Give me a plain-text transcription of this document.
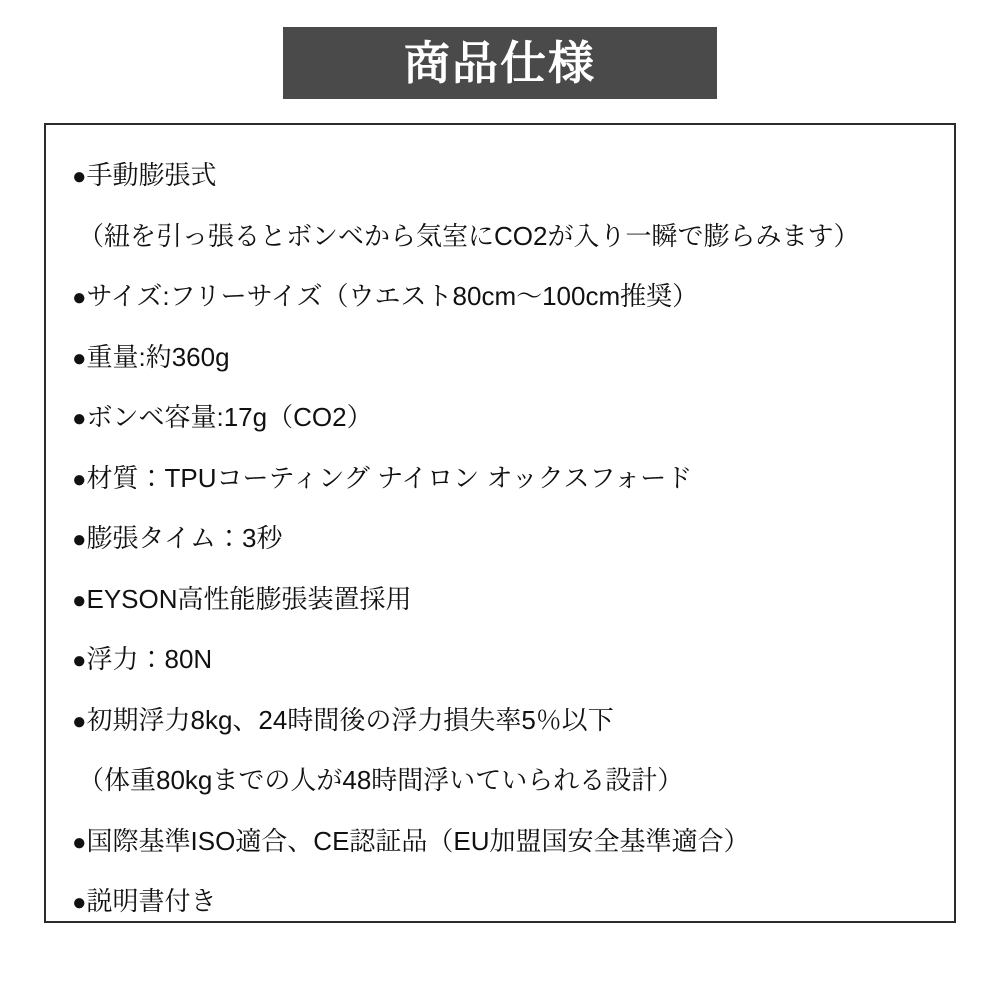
商品仕様
●手動膨張式
（紐を引っ張るとボンベから気室にCO2が入り一瞬で膨らみます）
●サイズ:フリーサイズ（ウエスト80cm〜100cm推奨）
●重量:約360g
●ボンベ容量:17g（CO2）
●材質：TPUコーティング ナイロン オックスフォード
●膨張タイム：3秒
●EYSON高性能膨張装置採用
●浮力：80N
●初期浮力8kg、24時間後の浮力損失率5％以下
（体重80kgまでの人が48時間浮いていられる設計）
●国際基準ISO適合、CE認証品（EU加盟国安全基準適合）
●説明書付き
